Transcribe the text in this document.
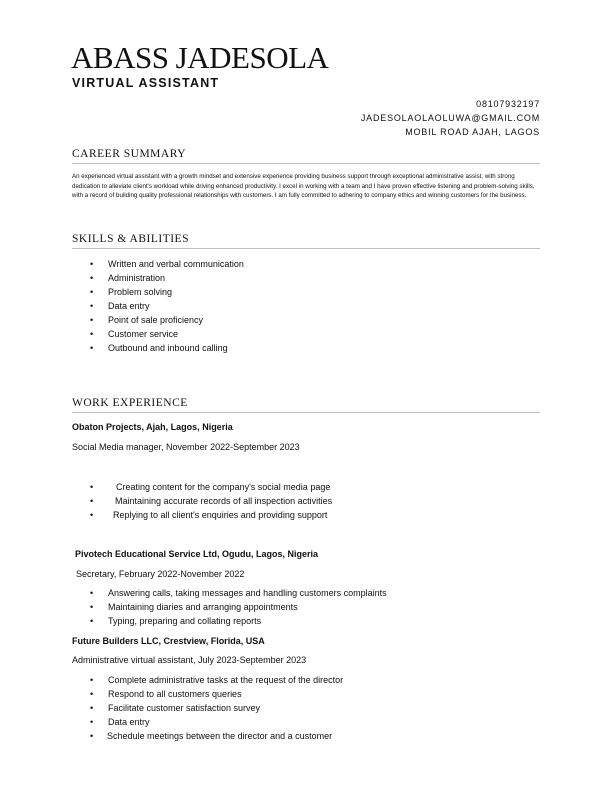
ABASS JADESOLA
VIRTUAL ASSISTANT
08107932197
JADESOLAOLAOLUWA@GMAIL.COM
MOBIL ROAD AJAH, LAGOS
CAREER SUMMARY
An experienced virtual assistant with a growth mindset and extensive experience providing business support through exceptional administrative assist, with strong dedication to alleviate client's workload while driving enhanced productivity. I excel in working with a team and I have proven effective listening and problem-solving skills, with a record of building quality professional relationships with customers. I am fully committed to adhering to company ethics and winning customers for the business.
SKILLS & ABILITIES
• Written and verbal communication
• Administration
• Problem solving
• Data entry
• Point of sale proficiency
• Customer service
• Outbound and inbound calling
WORK EXPERIENCE
Obaton Projects, Ajah, Lagos, Nigeria
Social Media manager, November 2022-September 2023
•	Creating content for the company's social media page
• Maintaining accurate records of all inspection activities
• Replying to all client's enquiries and providing support
Pivotech Educational Service Ltd, Ogudu, Lagos, Nigeria
Secretary, February 2022-November 2022
• Answering calls, taking messages and handling customers complaints
• Maintaining diaries and arranging appointments
• Typing, preparing and collating reports
Future Builders LLC, Crestview, Florida, USA
Administrative virtual assistant, July 2023-September 2023
• Complete administrative tasks at the request of the director
• Respond to all customers queries
• Facilitate customer satisfaction survey
• Data entry
• Schedule meetings between the director and a customer
